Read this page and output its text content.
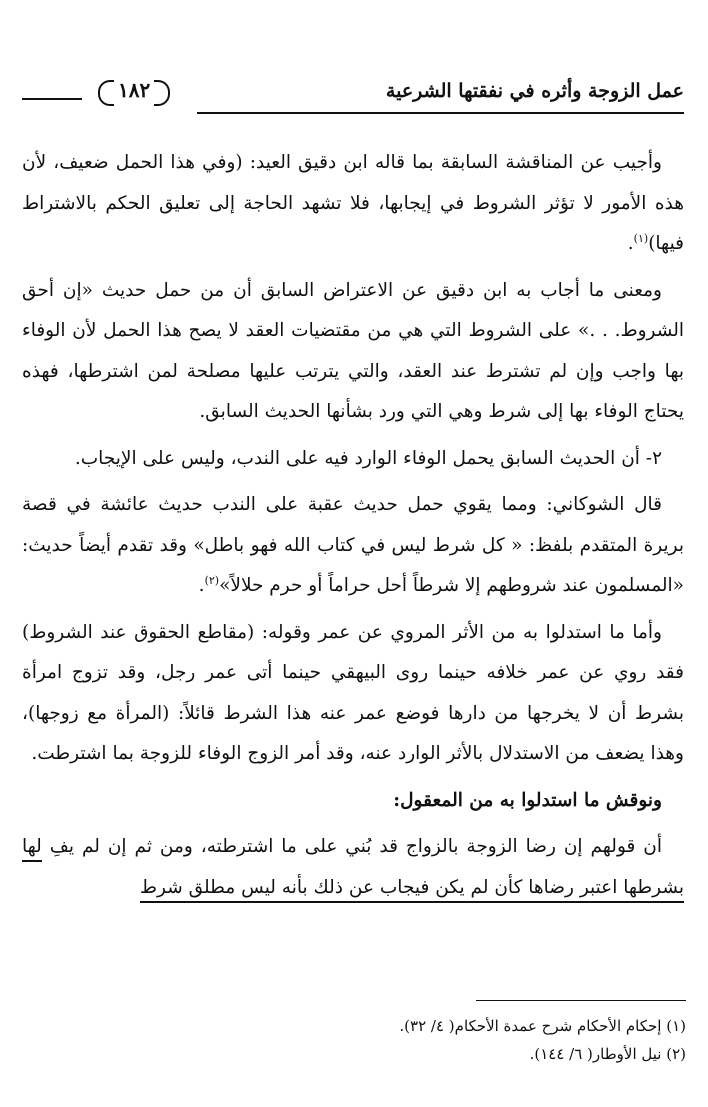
عمل الزوجة وأثره في نفقتها الشرعية
١٨٢

وأجيب عن المناقشة السابقة بما قاله ابن دقيق العيد: (وفي هذا الحمل ضعيف، لأن هذه الأمور لا تؤثر الشروط في إيجابها، فلا تشهد الحاجة إلى تعليق الحكم بالاشتراط فيها)$^{(١)}$.

ومعنى ما أجاب به ابن دقيق عن الاعتراض السابق أن من حمل حديث «إن أحق الشروط. . .» على الشروط التي هي من مقتضيات العقد لا يصح هذا الحمل لأن الوفاء بها واجب وإن لم تشترط عند العقد، والتي يترتب عليها مصلحة لمن اشترطها، فهذه يحتاج الوفاء بها إلى شرط وهي التي ورد بشأنها الحديث السابق.

٢- أن الحديث السابق يحمل الوفاء الوارد فيه على الندب، وليس على الإيجاب.

قال الشوكاني: ومما يقوي حمل حديث عقبة على الندب حديث عائشة في قصة بريرة المتقدم بلفظ: « كل شرط ليس في كتاب الله فهو باطل» وقد تقدم أيضاً حديث: «المسلمون عند شروطهم إلا شرطاً أحل حراماً أو حرم حلالاً»$^{(٢)}$.

وأما ما استدلوا به من الأثر المروي عن عمر وقوله: (مقاطع الحقوق عند الشروط) فقد روي عن عمر خلافه حينما روى البيهقي حينما أتى عمر رجل، وقد تزوج امرأة بشرط أن لا يخرجها من دارها فوضع عمر عنه هذا الشرط قائلاً: (المرأة مع زوجها)، وهذا يضعف من الاستدلال بالأثر الوارد عنه، وقد أمر الزوج الوفاء للزوجة بما اشترطت.

ونوقش ما استدلوا به من المعقول:

أن قولهم إن رضا الزوجة بالزواج قد بُني على ما اشترطته، ومن ثم إن لم يفِ لها بشرطها اعتبر رضاها كأن لم يكن فيجاب عن ذلك بأنه ليس مطلق شرط

(١) إحكام الأحكام شرح عمدة الأحكام( ٤/ ٣٢).
(٢) نيل الأوطار( ٦/ ١٤٤).
